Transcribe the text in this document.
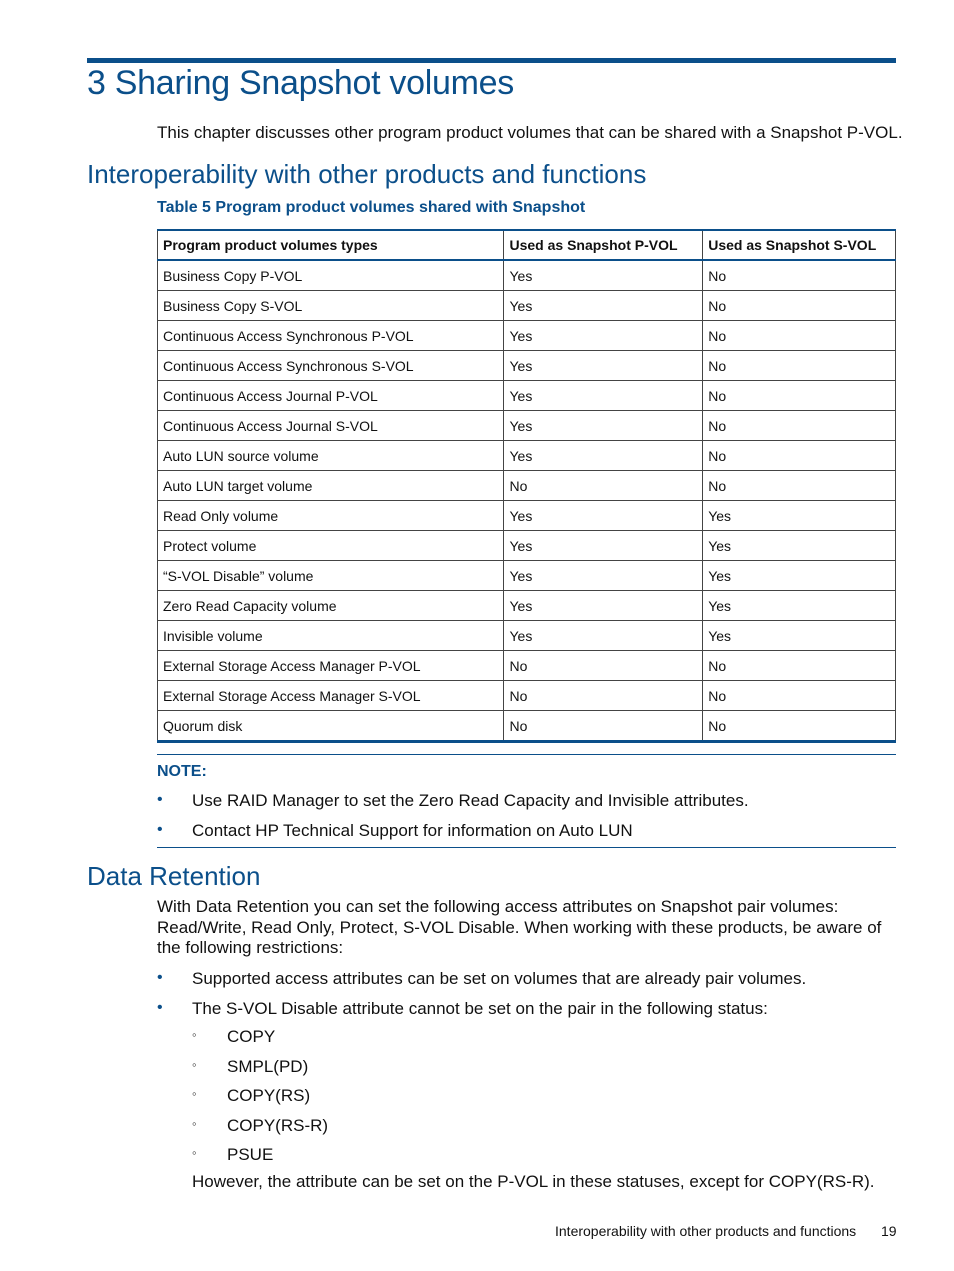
3 Sharing Snapshot volumes

This chapter discusses other program product volumes that can be shared with a Snapshot P-VOL.

Interoperability with other products and functions

Table 5 Program product volumes shared with Snapshot

Program product volumes types	Used as Snapshot P-VOL	Used as Snapshot S-VOL
Business Copy P-VOL	Yes	No
Business Copy S-VOL	Yes	No
Continuous Access Synchronous P-VOL	Yes	No
Continuous Access Synchronous S-VOL	Yes	No
Continuous Access Journal P-VOL	Yes	No
Continuous Access Journal S-VOL	Yes	No
Auto LUN source volume	Yes	No
Auto LUN target volume	No	No
Read Only volume	Yes	Yes
Protect volume	Yes	Yes
“S-VOL Disable” volume	Yes	Yes
Zero Read Capacity volume	Yes	Yes
Invisible volume	Yes	Yes
External Storage Access Manager P-VOL	No	No
External Storage Access Manager S-VOL	No	No
Quorum disk	No	No

NOTE:

• Use RAID Manager to set the Zero Read Capacity and Invisible attributes.
• Contact HP Technical Support for information on Auto LUN
Data Retention

With Data Retention you can set the following access attributes on Snapshot pair volumes: Read/Write, Read Only, Protect, S-VOL Disable. When working with these products, be aware of the following restrictions:

• Supported access attributes can be set on volumes that are already pair volumes.
• The S-VOL Disable attribute cannot be set on the pair in the following status:
◦ COPY
◦ SMPL(PD)
◦ COPY(RS)
◦ COPY(RS-R)
◦ PSUE

However, the attribute can be set on the P-VOL in these statuses, except for COPY(RS-R).

Interoperability with other products and functions 19
